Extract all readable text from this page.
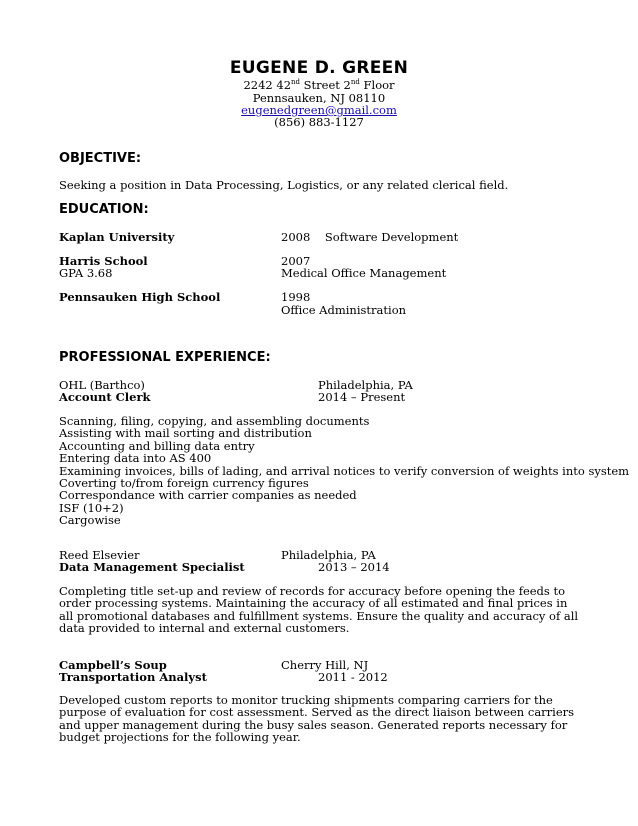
EUGENE D. GREEN
2242 42nd Street 2nd Floor
Pennsauken, NJ 08110
eugenedgreen@gmail.com
(856) 883-1127
OBJECTIVE:
Seeking a position in Data Processing, Logistics, or any related clerical field.
EDUCATION:
Kaplan University	2008 Software Development
Harris School
GPA 3.68
2007
Medical Office Management
Pennsauken High School	1998
Office Administration
PROFESSIONAL EXPERIENCE:
OHL (Barthco)
Account Clerk
Philadelphia, PA
2014 – Present
Scanning, filing, copying, and assembling documents
Assisting with mail sorting and distribution
Accounting and billing data entry
Entering data into AS 400
Examining invoices, bills of lading, and arrival notices to verify conversion of weights into system
Coverting to/from foreign currency figures
Correspondance with carrier companies as needed
ISF (10+2)
Cargowise
Reed Elsevier
Data Management Specialist
Philadelphia, PA
2013 – 2014
Completing title set-up and review of records for accuracy before opening the feeds to order processing systems. Maintaining the accuracy of all estimated and final prices in all promotional databases and fulfillment systems. Ensure the quality and accuracy of all data provided to internal and external customers.
Campbell’s Soup
Transportation Analyst
Cherry Hill, NJ
2011 - 2012
Developed custom reports to monitor trucking shipments comparing carriers for the purpose of evaluation for cost assessment. Served as the direct liaison between carriers and upper management during the busy sales season. Generated reports necessary for budget projections for the following year.
